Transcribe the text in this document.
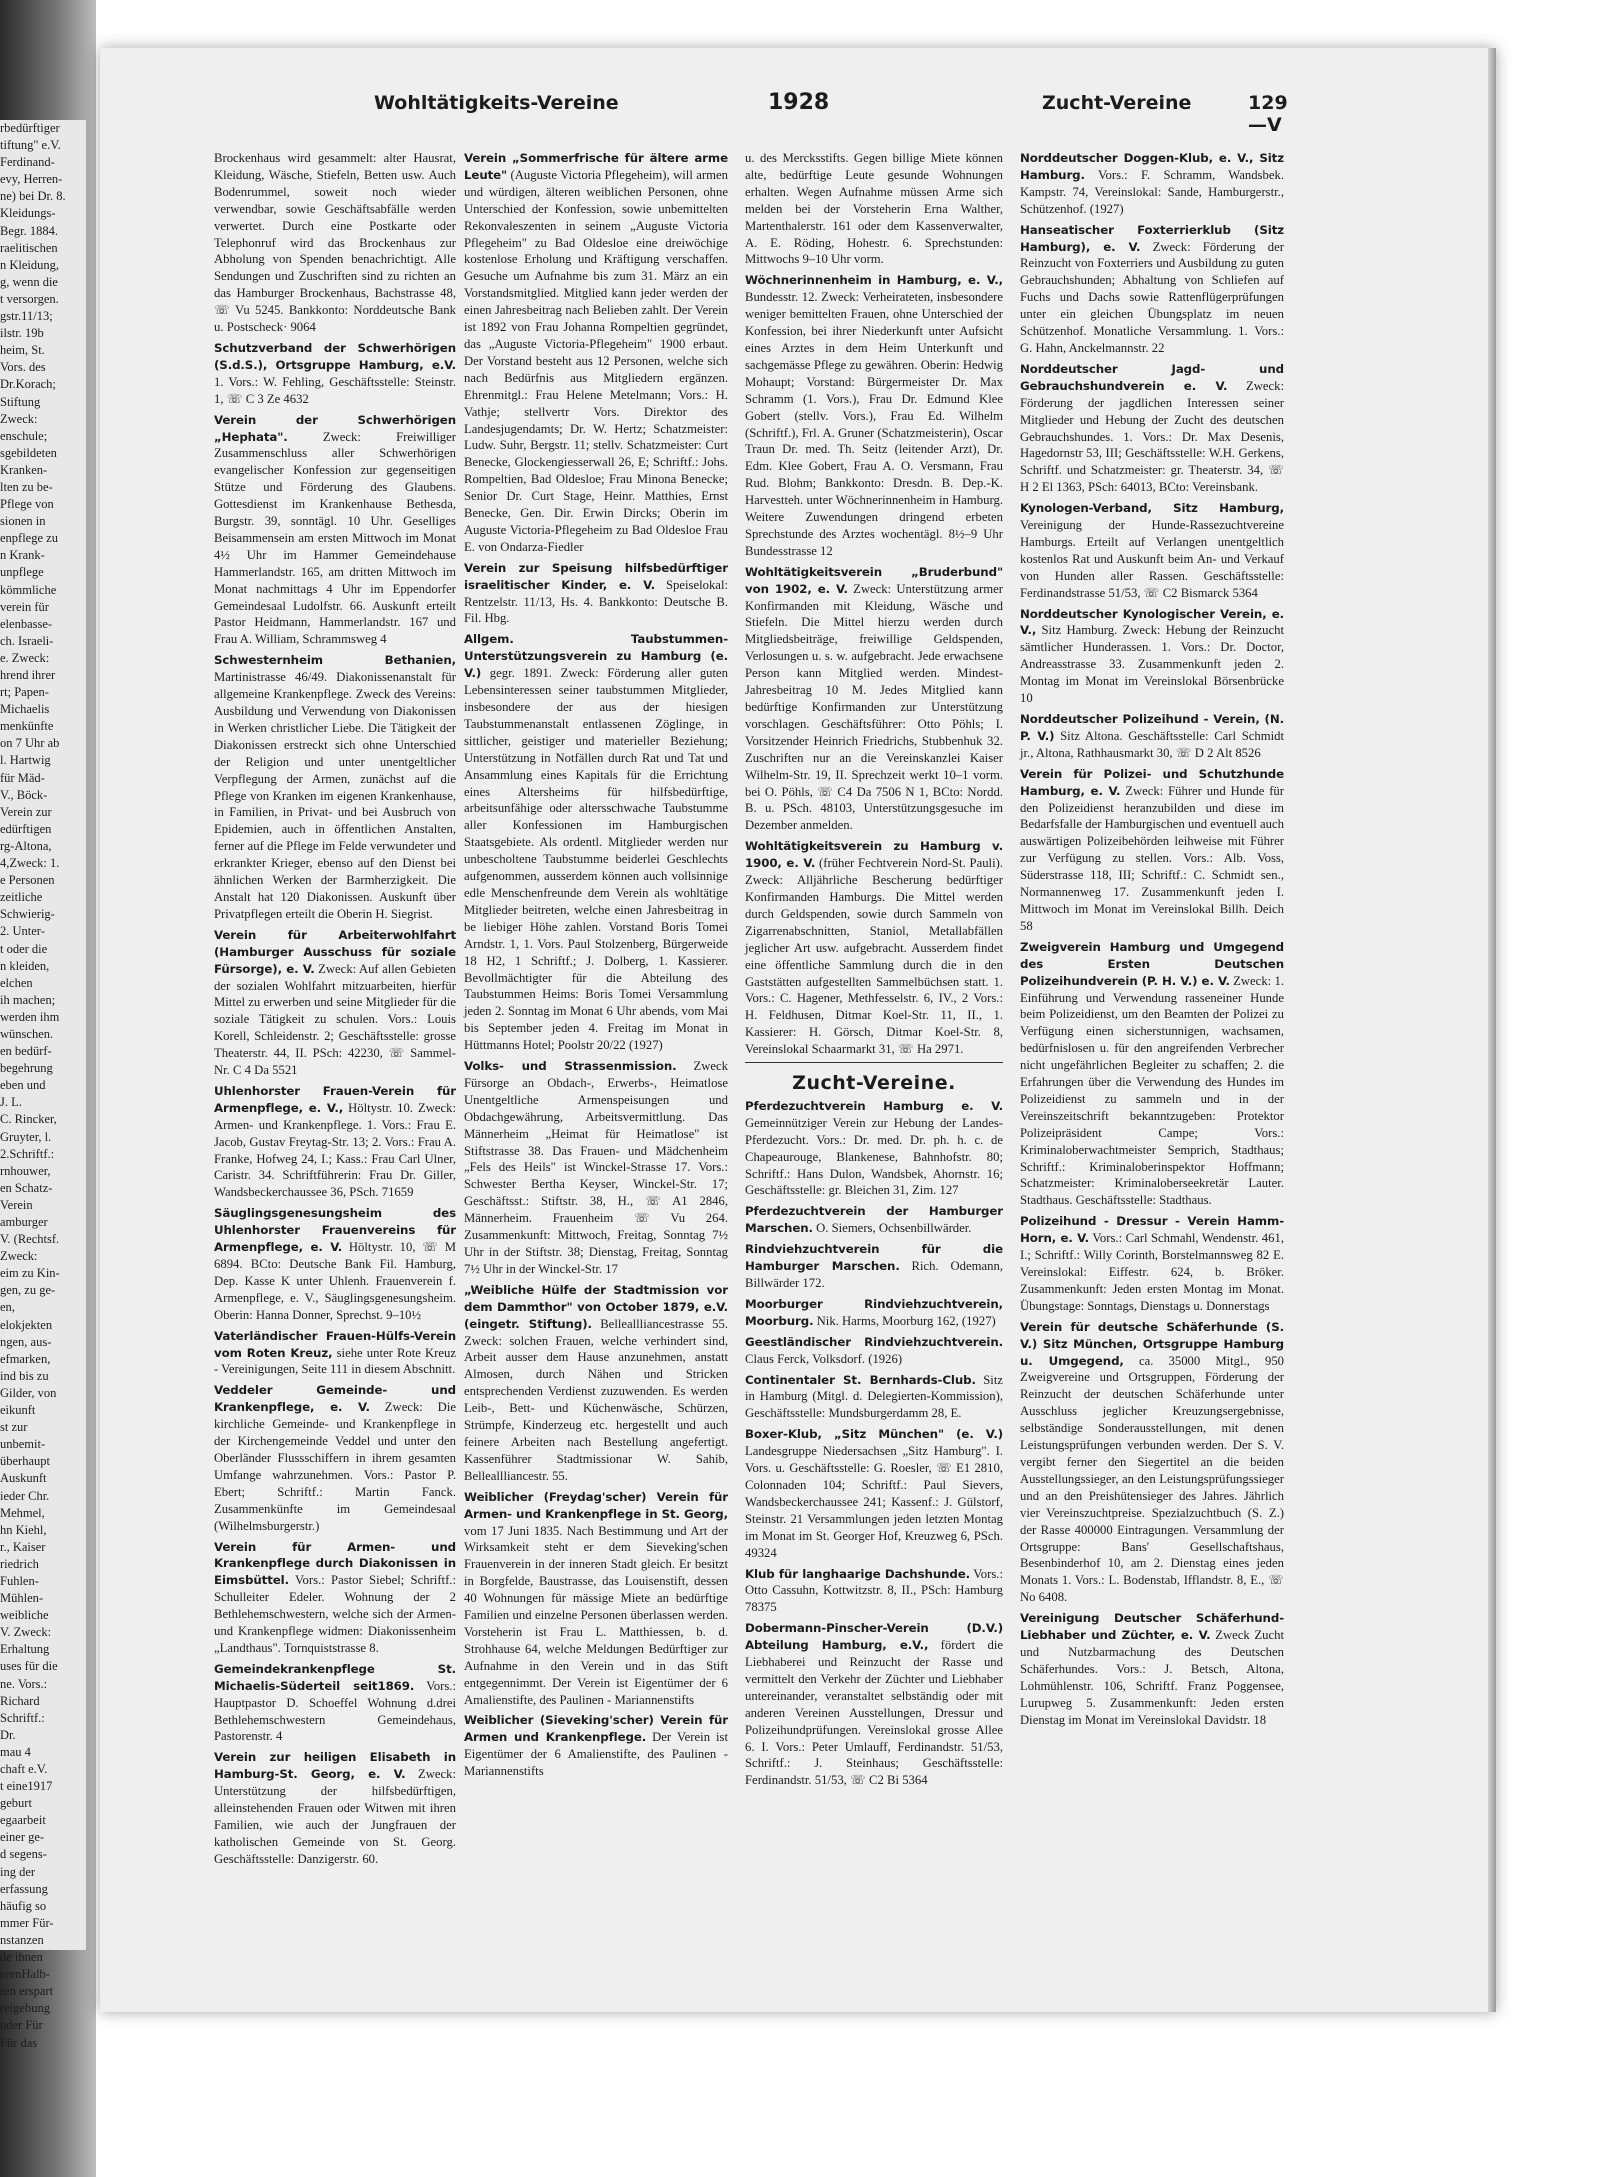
rbedürftiger
tiftung" e.V.
Ferdinand-
evy, Herren-
ne) bei Dr. 8.
Kleidungs-
Begr. 1884.
raelitischen
n Kleidung,
g, wenn die
t versorgen.
gstr.11/13;
ilstr. 19b
heim, St.
Vors. des
Dr.Korach;
Stiftung
Zweck:
enschule;
sgebildeten
Kranken-
lten zu be-
Pflege von
sionen in
enpflege zu
n Krank-
unpflege
kömmliche
verein für
elenbasse-
ch. Israeli-
e. Zweck:
hrend ihrer
rt; Papen-
Michaelis
menkünfte
on 7 Uhr ab
l. Hartwig
für Mäd-
V., Böck-
Verein zur
edürftigen
rg-Altona,
4,Zweck: 1.
e Personen
zeitliche
Schwierig-
2. Unter-
t oder die
n kleiden,
elchen
ih machen;
werden ihm
wünschen.
en bedürf-
begehrung
eben und
J. L.
C. Rincker,
Gruyter, l.
2.Schriftf.:
rnhouwer,
en Schatz-
Verein
amburger
V. (Rechtsf.
Zweck:
eim zu Kin-
gen, zu ge-
en,
elokjekten
ngen, aus-
efmarken,
ind bis zu
Gilder, von
eikunft
st zur
unbemit-
überhaupt
Auskunft
ieder Chr.
Mehmel,
hn Kiehl,
r., Kaiser
riedrich
Fuhlen-
Mühlen-
weibliche
V. Zweck:
Erhaltung
uses für die
ne. Vors.:
Richard
Schriftf.:
Dr.
mau 4
chaft e.V.
t eine1917
geburt
egaarbeit
einer ge-
d segens-
ing der
erfassung
häufig so
mmer Für-
nstanzen
de ihnen
erenHalb-
ren erspart
reigebung
oder Für
Für das
Wohltätigkeits-Vereine	1928	Zucht-Vereine	129—V

Brockenhaus wird gesammelt: alter Hausrat, Kleidung, Wäsche, Stiefeln, Betten usw. Auch Bodenrummel, soweit noch wieder verwendbar, sowie Geschäftsabfälle werden verwertet. Durch eine Postkarte oder Telephonruf wird das Brockenhaus zur Abholung von Spenden benachrichtigt. Alle Sendungen und Zuschriften sind zu richten an das Hamburger Brockenhaus, Bachstrasse 48, ☏ Vu 5245. Bankkonto: Norddeutsche Bank u. Postscheck· 9064

Schutzverband der Schwerhörigen (S.d.S.), Ortsgruppe Hamburg, e.V. 1. Vors.: W. Fehling, Geschäftsstelle: Steinstr. 1, ☏ C 3 Ze 4632

Verein der Schwerhörigen „Hephata".	Zweck: Freiwilliger Zusammenschluss aller Schwerhörigen evangelischer Konfession zur gegenseitigen Stütze und Förderung des Glaubens. Gottesdienst im Krankenhause Bethesda, Burgstr. 39, sonntägl. 10 Uhr. Geselliges Beisammensein am ersten Mittwoch im Monat 4½ Uhr im Hammer Gemeindehause Hammerlandstr. 165, am dritten Mittwoch im Monat nachmittags 4 Uhr im Eppendorfer Gemeindesaal Ludolfstr. 66. Auskunft erteilt Pastor Heidmann, Hammerlandstr. 167 und Frau A. William, Schrammsweg 4

Schwesternheim Bethanien, Martinistrasse 46/49. Diakonissenanstalt für allgemeine Krankenpflege. Zweck des Vereins: Ausbildung und Verwendung von Diakonissen in Werken christlicher Liebe. Die Tätigkeit der Diakonissen erstreckt sich ohne Unterschied der Religion und unter unentgeltlicher Verpflegung der Armen, zunächst auf die Pflege von Kranken im eigenen Krankenhause, in Familien, in Privat- und bei Ausbruch von Epidemien, auch in öffentlichen Anstalten, ferner auf die Pflege im Felde verwundeter und erkrankter Krieger, ebenso auf den Dienst bei ähnlichen Werken der Barmherzigkeit. Die Anstalt hat 120 Diakonissen. Auskunft über Privatpflegen erteilt die Oberin H. Siegrist.

Verein für Arbeiterwohlfahrt (Hamburger Ausschuss für soziale Fürsorge), e. V. Zweck: Auf allen Gebieten der sozialen Wohlfahrt mitzuarbeiten, hierfür Mittel zu erwerben und seine Mitglieder für die soziale Tätigkeit zu schulen. Vors.: Louis Korell, Schleidenstr. 2; Geschäftsstelle: grosse Theaterstr. 44, II. PSch: 42230, ☏ Sammel-Nr. C 4 Da 5521

Uhlenhorster Frauen-Verein für Armenpflege, e. V., Höltystr. 10. Zweck: Armen- und Krankenpflege. 1. Vors.: Frau E. Jacob, Gustav Freytag-Str. 13; 2. Vors.: Frau A. Franke, Hofweg 24, I.; Kass.: Frau Carl Ulner, Caristr. 34. Schriftführerin: Frau Dr. Giller, Wandsbeckerchaussee 36, PSch. 71659

Säuglingsgenesungsheim des Uhlenhorster Frauenvereins für Armenpflege, e. V. Höltystr. 10, ☏ M 6894. BCto: Deutsche Bank Fil. Hamburg, Dep. Kasse K unter Uhlenh. Frauenverein f. Armenpflege, e. V., Säuglingsgenesungsheim. Oberin: Hanna Donner, Sprechst. 9–10½

Vaterländischer Frauen-Hülfs-Verein vom Roten Kreuz, siehe unter Rote Kreuz - Vereinigungen, Seite 111 in diesem Abschnitt.

Veddeler Gemeinde- und Krankenpflege, e. V. Zweck: Die kirchliche Gemeinde- und Krankenpflege in der Kirchengemeinde Veddel und unter den Oberländer Flussschiffern in ihrem gesamten Umfange wahrzunehmen. Vors.: Pastor P. Ebert; Schriftf.: Martin Fanck. Zusammenkünfte im Gemeindesaal (Wilhelmsburgerstr.)

Verein für Armen- und Krankenpflege durch Diakonissen in Eimsbüttel. Vors.: Pastor Siebel; Schriftf.: Schulleiter Edeler. Wohnung der 2 Bethlehemschwestern, welche sich der Armen- und Krankenpflege widmen: Diakonissenheim „Landthaus". Tornquiststrasse 8.

Gemeindekrankenpflege St. Michaelis-Süderteil seit1869. Vors.: Hauptpastor D. Schoeffel Wohnung d.drei Bethlehemschwestern Gemeindehaus, Pastorenstr. 4

Verein zur heiligen Elisabeth in Hamburg-St. Georg, e. V. Zweck: Unterstützung der hilfsbedürftigen, alleinstehenden Frauen oder Witwen mit ihren Familien, wie auch der Jungfrauen der katholischen Gemeinde von St. Georg. Geschäftsstelle: Danzigerstr. 60.

Verein „Sommerfrische für ältere arme Leute" (Auguste Victoria Pflegeheim), will armen und würdigen, älteren weiblichen Personen, ohne Unterschied der Konfession, sowie unbemittelten Rekonvaleszenten in seinem „Auguste Victoria Pflegeheim" zu Bad Oldesloe eine dreiwöchige kostenlose Erholung und Kräftigung verschaffen. Gesuche um Aufnahme bis zum 31. März an ein Vorstandsmitglied. Mitglied kann jeder werden der einen Jahresbeitrag nach Belieben zahlt. Der Verein ist 1892 von Frau Johanna Rompeltien gegründet, das „Auguste Victoria-Pflegeheim" 1900 erbaut. Der Vorstand besteht aus 12 Personen, welche sich nach Bedürfnis aus Mitgliedern ergänzen. Ehrenmitgl.: Frau Helene Metelmann; Vors.: H. Vathje; stellvertr Vors. Direktor des Landesjugendamts; Dr. W. Hertz; Schatzmeister: Ludw. Suhr, Bergstr. 11; stellv. Schatzmeister: Curt Benecke, Glockengiesserwall 26, E; Schriftf.: Johs. Rompeltien, Bad Oldesloe; Frau Minona Benecke; Senior Dr. Curt Stage, Heinr. Matthies, Ernst Benecke, Gen. Dir. Erwin Dircks; Oberin im Auguste Victoria-Pflegeheim zu Bad Oldesloe Frau E. von Ondarza-Fiedler

Verein zur Speisung hilfsbedürftiger israelitischer Kinder, e. V. Speiselokal: Rentzelstr. 11/13, Hs. 4. Bankkonto: Deutsche B. Fil. Hbg.

Allgem. Taubstummen-Unterstützungsverein zu Hamburg (e. V.) gegr. 1891. Zweck: Förderung aller guten Lebensinteressen seiner taubstummen Mitglieder, insbesondere der aus der hiesigen Taubstummenanstalt entlassenen Zöglinge, in sittlicher, geistiger und materieller Beziehung; Unterstützung in Notfällen durch Rat und Tat und Ansammlung eines Kapitals für die Errichtung eines Altersheims für hilfsbedürftige, arbeitsunfähige oder altersschwache Taubstumme aller Konfessionen im Hamburgischen Staatsgebiete. Als ordentl. Mitglieder werden nur unbescholtene Taubstumme beiderlei Geschlechts aufgenommen, ausserdem können auch vollsinnige edle Menschenfreunde dem Verein als wohltätige Mitglieder beitreten, welche einen Jahresbeitrag in be liebiger Höhe zahlen. Vorstand Boris Tomei Arndstr. 1, 1. Vors. Paul Stolzenberg, Bürgerweide 18 H2, 1 Schriftf.; J. Dolberg, 1. Kassierer. Bevollmächtigter für die Abteilung des Taubstummen Heims: Boris Tomei Versammlung jeden 2. Sonntag im Monat 6 Uhr abends, vom Mai bis September jeden 4. Freitag im Monat in Hüttmanns Hotel; Poolstr 20/22 (1927)

Volks- und Strassenmission. Zweck Fürsorge an Obdach-, Erwerbs-, Heimatlose Unentgeltliche Armenspeisungen und Obdachgewährung, Arbeitsvermittlung. Das Männerheim „Heimat für Heimatlose" ist Stiftstrasse 38. Das Frauen- und Mädchenheim „Fels des Heils" ist Winckel-Strasse 17. Vors.: Schwester Bertha Keyser, Winckel-Str. 17; Geschäftsst.: Stiftstr. 38, H., ☏ A1 2846, Männerheim. Frauenheim ☏ Vu 264. Zusammenkunft: Mittwoch, Freitag, Sonntag 7½ Uhr in der Stiftstr. 38; Dienstag, Freitag, Sonntag 7½ Uhr in der Winckel-Str. 17

„Weibliche Hülfe der Stadtmission vor dem Dammthor" von October 1879, e.V. (eingetr. Stiftung). Belleallliancestrasse 55. Zweck: solchen Frauen, welche verhindert sind, Arbeit ausser dem Hause anzunehmen, anstatt Almosen, durch Nähen und Stricken entsprechenden Verdienst zuzuwenden. Es werden Leib-, Bett- und Küchenwäsche, Schürzen, Strümpfe, Kinderzeug etc. hergestellt und auch feinere Arbeiten nach Bestellung angefertigt. Kassenführer Stadtmissionar W. Sahib, Belleallliancestr. 55.

Weiblicher (Freydag'scher) Verein für Armen- und Krankenpflege in St. Georg, vom 17 Juni 1835. Nach Bestimmung und Art der Wirksamkeit steht er dem Sieveking'schen Frauenverein in der inneren Stadt gleich. Er besitzt in Borgfelde, Baustrasse, das Louisenstift, dessen 40 Wohnungen für mässige Miete an bedürftige Familien und einzelne Personen überlassen werden. Vorsteherin ist Frau L. Matthiessen, b. d. Strohhause 64, welche Meldungen Bedürftiger zur Aufnahme in den Verein und in das Stift entgegennimmt. Der Verein ist Eigentümer der 6 Amalienstifte, des Paulinen - Mariannenstifts

Weiblicher (Sieveking'scher) Verein für Armen und Krankenpflege. Der Verein ist Eigentümer der 6 Amalienstifte, des Paulinen - Mariannenstifts

u. des Mercksstifts. Gegen billige Miete können alte, bedürftige Leute gesunde Wohnungen erhalten. Wegen Aufnahme müssen Arme sich melden bei der Vorsteherin Erna Walther, Martenthalerstr. 161 oder dem Kassenverwalter, A. E. Röding, Hohestr. 6. Sprechstunden: Mittwochs 9–10 Uhr vorm.

Wöchnerinnenheim in Hamburg, e. V., Bundesstr. 12. Zweck: Verheirateten, insbesondere weniger bemittelten Frauen, ohne Unterschied der Konfession, bei ihrer Niederkunft unter Aufsicht eines Arztes in dem Heim Unterkunft und sachgemässe Pflege zu gewähren. Oberin: Hedwig Mohaupt; Vorstand: Bürgermeister Dr. Max Schramm (1. Vors.), Frau Dr. Edmund Klee Gobert (stellv. Vors.), Frau Ed. Wilhelm (Schriftf.), Frl. A. Gruner (Schatzmeisterin), Oscar Traun Dr. med. Th. Seitz (leitender Arzt), Dr. Edm. Klee Gobert, Frau A. O. Versmann, Frau Rud. Blohm; Bankkonto: Dresdn. B. Dep.-K. Harvestteh. unter Wöchnerinnenheim in Hamburg. Weitere Zuwendungen dringend erbeten Sprechstunde des Arztes wochentägl. 8½–9 Uhr Bundesstrasse 12

Wohltätigkeitsverein „Bruderbund" von 1902, e. V. Zweck: Unterstützung armer Konfirmanden mit Kleidung, Wäsche und Stiefeln. Die Mittel hierzu werden durch Mitgliedsbeiträge, freiwillige Geldspenden, Verlosungen u. s. w. aufgebracht. Jede erwachsene Person kann Mitglied werden. Mindest-Jahresbeitrag 10 M. Jedes Mitglied kann bedürftige Konfirmanden zur Unterstützung vorschlagen. Geschäftsführer: Otto Pöhls; I. Vorsitzender Heinrich Friedrichs, Stubbenhuk 32. Zuschriften nur an die Vereinskanzlei Kaiser Wilhelm-Str. 19, II. Sprechzeit werkt 10–1 vorm. bei O. Pöhls, ☏ C4 Da 7506 N 1, BCto: Nordd. B. u. PSch. 48103, Unterstützungsgesuche im Dezember anmelden.

Wohltätigkeitsverein zu Hamburg v. 1900, e. V. (früher Fechtverein Nord-St. Pauli). Zweck: Alljährliche Bescherung bedürftiger Konfirmanden Hamburgs. Die Mittel werden durch Geldspenden, sowie durch Sammeln von Zigarrenabschnitten, Staniol, Metallabfällen jeglicher Art usw. aufgebracht. Ausserdem findet eine öffentliche Sammlung durch die in den Gaststätten aufgestellten Sammelbüchsen statt. 1. Vors.: C. Hagener, Methfesselstr. 6, IV., 2 Vors.: H. Feldhusen, Ditmar Koel-Str. 11, II., 1. Kassierer: H. Görsch, Ditmar Koel-Str. 8, Vereinslokal Schaarmarkt 31, ☏ Ha 2971.

Zucht-Vereine.

Pferdezuchtverein Hamburg e. V. Gemeinnütziger Verein zur Hebung der Landes-Pferdezucht. Vors.: Dr. med. Dr. ph. h. c. de Chapeaurouge, Blankenese, Bahnhofstr. 80; Schriftf.: Hans Dulon, Wandsbek, Ahornstr. 16; Geschäftsstelle: gr. Bleichen 31, Zim. 127

Pferdezuchtverein der Hamburger Marschen. O. Siemers, Ochsenbillwärder.

Rindviehzuchtverein für die Hamburger Marschen. Rich. Odemann, Billwärder 172.

Moorburger Rindviehzuchtverein, Moorburg. Nik. Harms, Moorburg 162, (1927)

Geestländischer Rindviehzuchtverein. Claus Ferck, Volksdorf. (1926)

Continentaler St. Bernhards-Club. Sitz in Hamburg (Mitgl. d. Delegierten-Kommission), Geschäftsstelle: Mundsburgerdamm 28, E.

Boxer-Klub, „Sitz München" (e. V.) Landesgruppe Niedersachsen „Sitz Hamburg". I. Vors. u. Geschäftsstelle: G. Roesler, ☏ E1 2810, Colonnaden 104; Schriftf.: Paul Sievers, Wandsbeckerchaussee 241; Kassenf.: J. Gülstorf, Steinstr. 21 Versammlungen jeden letzten Montag im Monat im St. Georger Hof, Kreuzweg 6, PSch. 49324

Klub für langhaarige Dachshunde. Vors.: Otto Cassuhn, Kottwitzstr. 8, II., PSch: Hamburg 78375

Dobermann-Pinscher-Verein (D.V.) Abteilung Hamburg, e.V., fördert die Liebhaberei und Reinzucht der Rasse und vermittelt den Verkehr der Züchter und Liebhaber untereinander, veranstaltet selbständig oder mit anderen Vereinen Ausstellungen, Dressur und Polizeihundprüfungen. Vereinslokal grosse Allee 6. I. Vors.: Peter Umlauff, Ferdinandstr. 51/53, Schriftf.: J. Steinhaus; Geschäftsstelle: Ferdinandstr. 51/53, ☏ C2 Bi 5364

Norddeutscher Doggen-Klub, e. V., Sitz Hamburg. Vors.: F. Schramm, Wandsbek. Kampstr. 74, Vereinslokal: Sande, Hamburgerstr., Schützenhof. (1927)

Hanseatischer Foxterrierklub (Sitz Hamburg), e. V. Zweck: Förderung der Reinzucht von Foxterriers und Ausbildung zu guten Gebrauchshunden; Abhaltung von Schliefen auf Fuchs und Dachs sowie Rattenflügerprüfungen unter ein gleichen Übungsplatz im neuen Schützenhof. Monatliche Versammlung. 1. Vors.: G. Hahn, Anckelmannstr. 22

Norddeutscher Jagd- und Gebrauchshundverein e. V. Zweck: Förderung der jagdlichen Interessen seiner Mitglieder und Hebung der Zucht des deutschen Gebrauchshundes. 1. Vors.: Dr. Max Desenis, Hagedornstr 53, III; Geschäftsstelle: W.H. Gerkens, Schriftf. und Schatzmeister: gr. Theaterstr. 34, ☏ H 2 El 1363, PSch: 64013, BCto: Vereinsbank.

Kynologen-Verband, Sitz Hamburg, Vereinigung der Hunde-Rassezuchtvereine Hamburgs. Erteilt auf Verlangen unentgeltlich kostenlos Rat und Auskunft beim An- und Verkauf von Hunden aller Rassen. Geschäftsstelle: Ferdinandstrasse 51/53, ☏ C2 Bismarck 5364

Norddeutscher Kynologischer Verein, e. V., Sitz Hamburg. Zweck: Hebung der Reinzucht sämtlicher Hunderassen. 1. Vors.: Dr. Doctor, Andreasstrasse 33. Zusammenkunft jeden 2. Montag im Monat im Vereinslokal Börsenbrücke 10

Norddeutscher Polizeihund - Verein, (N. P. V.) Sitz Altona. Geschäftsstelle: Carl Schmidt jr., Altona, Rathhausmarkt 30, ☏ D 2 Alt 8526

Verein für Polizei- und Schutzhunde Hamburg, e. V. Zweck: Führer und Hunde für den Polizeidienst heranzubilden und diese im Bedarfsfalle der Hamburgischen und eventuell auch auswärtigen Polizeibehörden leihweise mit Führer zur Verfügung zu stellen. Vors.: Alb. Voss, Süderstrasse 118, III; Schriftf.: C. Schmidt sen., Normannenweg 17. Zusammenkunft jeden I. Mittwoch im Monat im Vereinslokal Billh. Deich 58

Zweigverein Hamburg und Umgegend des Ersten Deutschen Polizeihundverein (P. H. V.) e. V. Zweck: 1. Einführung und Verwendung rasseneiner Hunde beim Polizeidienst, um den Beamten der Polizei zu Verfügung einen sicherstunnigen, wachsamen, bedürfnislosen u. für den angreifenden Verbrecher nicht ungefährlichen Begleiter zu schaffen; 2. die Erfahrungen über die Verwendung des Hundes im Polizeidienst zu sammeln und in der Vereinszeitschrift bekanntzugeben: Protektor Polizeipräsident Campe; Vors.: Kriminaloberwachtmeister Semprich, Stadthaus; Schriftf.: Kriminaloberinspektor Hoffmann; Schatzmeister: Kriminaloberseekretär Lauter. Stadthaus. Geschäftsstelle: Stadthaus.

Polizeihund - Dressur - Verein Hamm-Horn, e. V. Vors.: Carl Schmahl, Wendenstr. 461, I.; Schriftf.: Willy Corinth, Borstelmannsweg 82 E. Vereinslokal: Eiffestr. 624, b. Bröker. Zusammenkunft: Jeden ersten Montag im Monat. Übungstage: Sonntags, Dienstags u. Donnerstags

Verein für deutsche Schäferhunde (S. V.) Sitz München, Ortsgruppe Hamburg u. Umgegend, ca. 35000 Mitgl., 950 Zweigvereine und Ortsgruppen, Förderung der Reinzucht der deutschen Schäferhunde unter Ausschluss jeglicher Kreuzungsergebnisse, selbständige Sonderausstellungen, mit denen Leistungsprüfungen verbunden werden. Der S. V. vergibt ferner den Siegertitel an die beiden Ausstellungssieger, an den Leistungsprüfungssieger und an den Preishütensieger des Jahres. Jährlich vier Vereinszuchtpreise. Spezialzuchtbuch (S. Z.) der Rasse 400000 Eintragungen. Versammlung der Ortsgruppe: Bans' Gesellschaftshaus, Besenbinderhof 10, am 2. Dienstag eines jeden Monats 1. Vors.: L. Bodenstab, Ifflandstr. 8, E., ☏ No 6408.

Vereinigung Deutscher Schäferhund-Liebhaber und Züchter, e. V. Zweck Zucht und Nutzbarmachung des Deutschen Schäferhundes. Vors.: J. Betsch, Altona, Lohmühlenstr. 106, Schriftf. Franz Poggensee, Lurupweg 5. Zusammenkunft: Jeden ersten Dienstag im Monat im Vereinslokal Davidstr. 18
